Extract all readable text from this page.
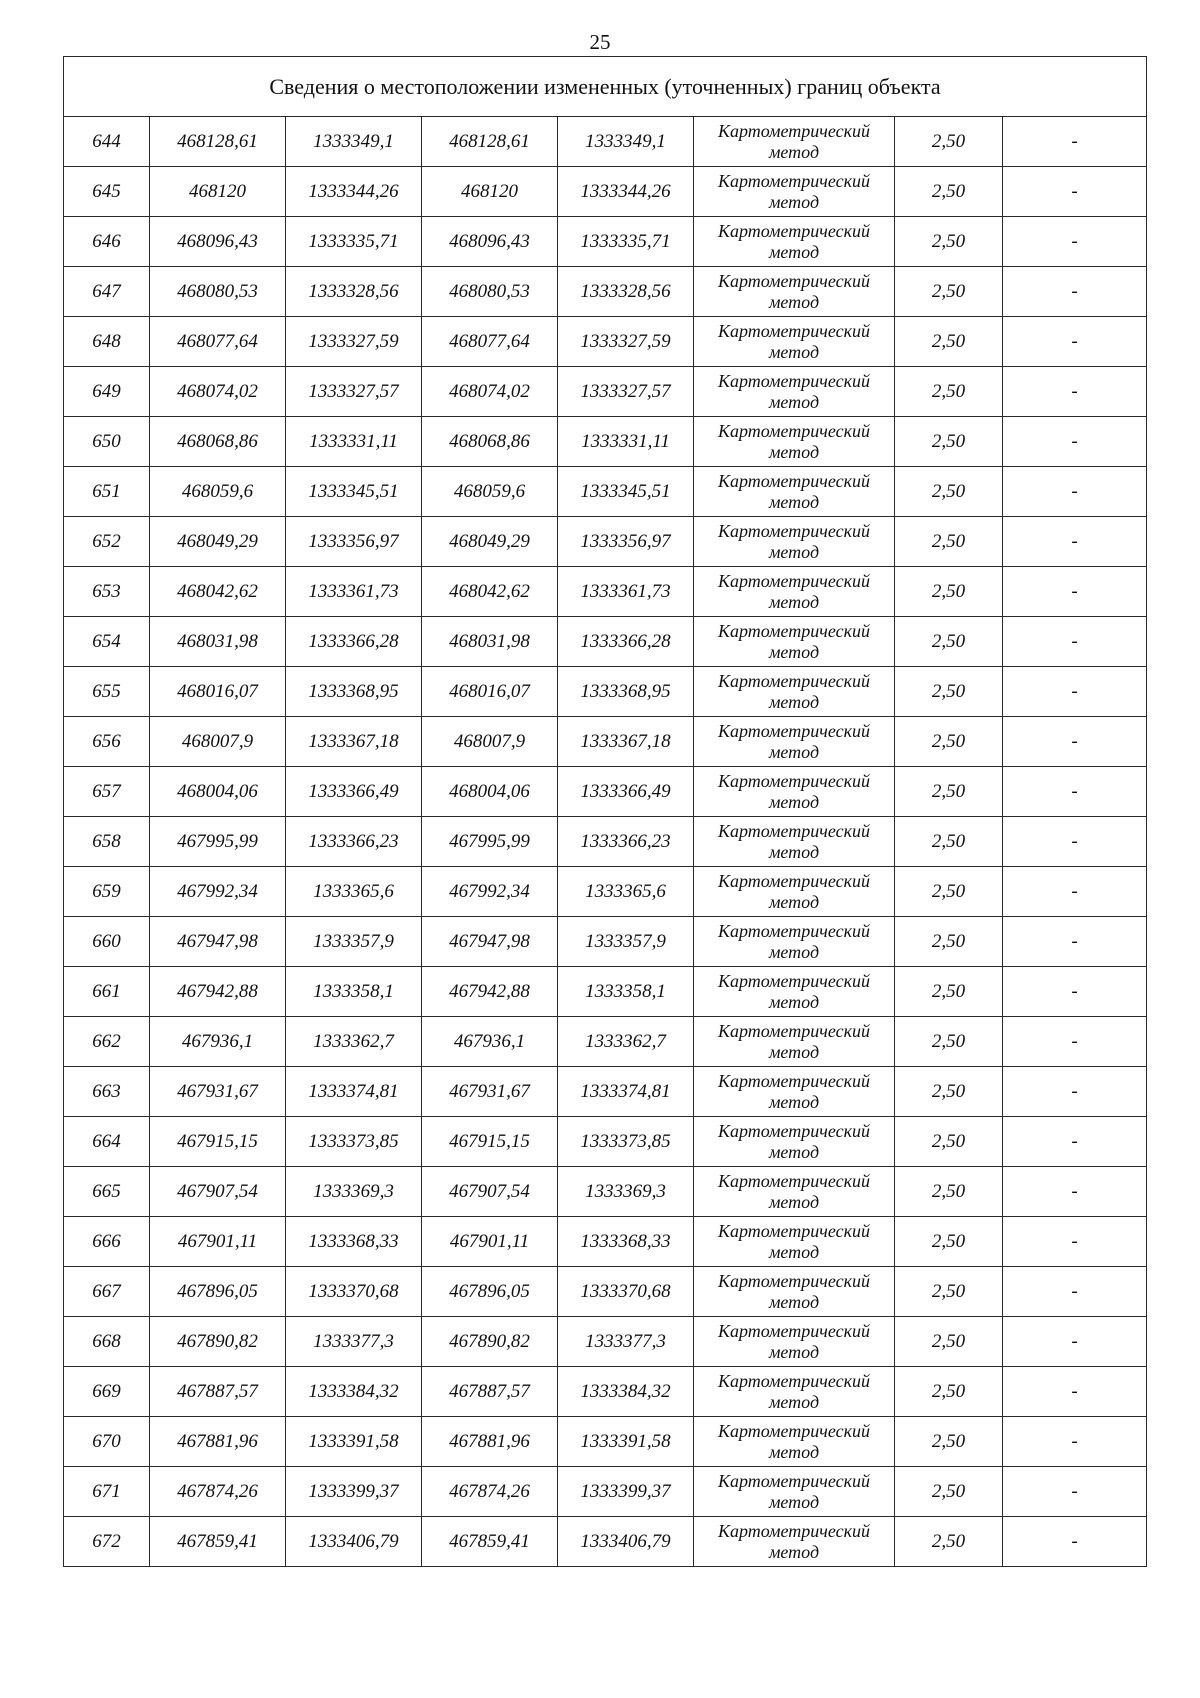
25
Сведения о местоположении измененных (уточненных) границ объекта							
644	468128,61	1333349,1	468128,61	1333349,1	Картометрический метод	2,50	-
645	468120	1333344,26	468120	1333344,26	Картометрический метод	2,50	-
646	468096,43	1333335,71	468096,43	1333335,71	Картометрический метод	2,50	-
647	468080,53	1333328,56	468080,53	1333328,56	Картометрический метод	2,50	-
648	468077,64	1333327,59	468077,64	1333327,59	Картометрический метод	2,50	-
649	468074,02	1333327,57	468074,02	1333327,57	Картометрический метод	2,50	-
650	468068,86	1333331,11	468068,86	1333331,11	Картометрический метод	2,50	-
651	468059,6	1333345,51	468059,6	1333345,51	Картометрический метод	2,50	-
652	468049,29	1333356,97	468049,29	1333356,97	Картометрический метод	2,50	-
653	468042,62	1333361,73	468042,62	1333361,73	Картометрический метод	2,50	-
654	468031,98	1333366,28	468031,98	1333366,28	Картометрический метод	2,50	-
655	468016,07	1333368,95	468016,07	1333368,95	Картометрический метод	2,50	-
656	468007,9	1333367,18	468007,9	1333367,18	Картометрический метод	2,50	-
657	468004,06	1333366,49	468004,06	1333366,49	Картометрический метод	2,50	-
658	467995,99	1333366,23	467995,99	1333366,23	Картометрический метод	2,50	-
659	467992,34	1333365,6	467992,34	1333365,6	Картометрический метод	2,50	-
660	467947,98	1333357,9	467947,98	1333357,9	Картометрический метод	2,50	-
661	467942,88	1333358,1	467942,88	1333358,1	Картометрический метод	2,50	-
662	467936,1	1333362,7	467936,1	1333362,7	Картометрический метод	2,50	-
663	467931,67	1333374,81	467931,67	1333374,81	Картометрический метод	2,50	-
664	467915,15	1333373,85	467915,15	1333373,85	Картометрический метод	2,50	-
665	467907,54	1333369,3	467907,54	1333369,3	Картометрический метод	2,50	-
666	467901,11	1333368,33	467901,11	1333368,33	Картометрический метод	2,50	-
667	467896,05	1333370,68	467896,05	1333370,68	Картометрический метод	2,50	-
668	467890,82	1333377,3	467890,82	1333377,3	Картометрический метод	2,50	-
669	467887,57	1333384,32	467887,57	1333384,32	Картометрический метод	2,50	-
670	467881,96	1333391,58	467881,96	1333391,58	Картометрический метод	2,50	-
671	467874,26	1333399,37	467874,26	1333399,37	Картометрический метод	2,50	-
672	467859,41	1333406,79	467859,41	1333406,79	Картометрический метод	2,50	-
